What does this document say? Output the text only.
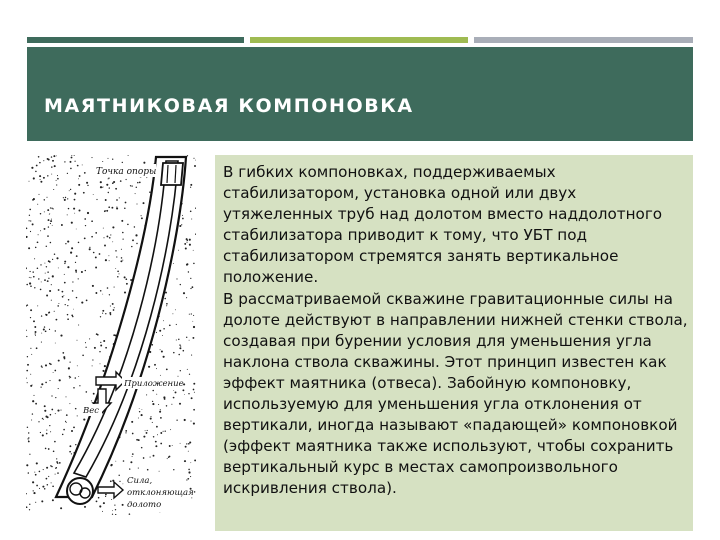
МАЯТНИКОВАЯ КОМПОНОВКА
Точка опоры
Приложение
Вес
Сила,
отклоняющая
долото

В гибких компоновках, поддерживаемых стабилизатором, установка одной или двух утяжеленных труб над долотом вместо наддолотного стабилизатора приводит к тому, что УБТ под стабилизатором стремятся занять вертикальное положение.

В рассматриваемой скважине гравитационные силы на долоте действуют в направлении нижней стенки ствола, создавая при бурении условия для уменьшения угла наклона ствола скважины. Этот принцип известен как эффект маятника (отвеса). Забойную компоновку, используемую для уменьшения угла отклонения от вертикали, иногда называют «падающей» компоновкой (эффект маятника также используют, чтобы сохранить вертикальный курс в местах самопроизвольного искривления ствола).
